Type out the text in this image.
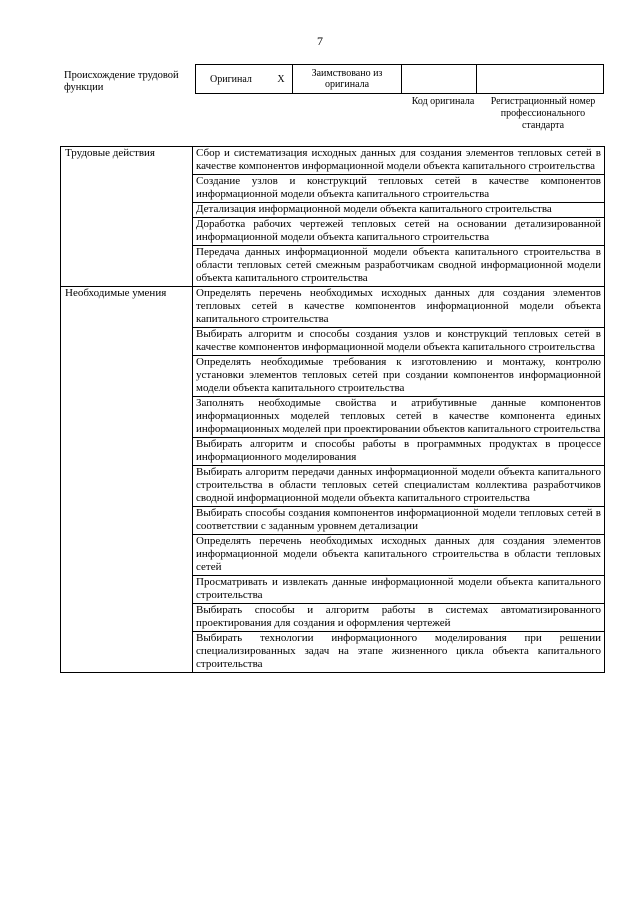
7
Происхождение трудовой функции
Оригинал	X	Заимствовано из оригинала		
Код оригинала	Регистрационный номер профессионального стандарта
Трудовые действия	Сбор и систематизация исходных данных для создания элементов тепловых сетей в качестве компонентов информационной модели объекта капитального строительства
	Создание узлов и конструкций тепловых сетей в качестве компонентов информационной модели объекта капитального строительства
	Детализация информационной модели объекта капитального строительства
	Доработка рабочих чертежей тепловых сетей на основании детализированной информационной модели объекта капитального строительства
	Передача данных информационной модели объекта капитального строительства в области тепловых сетей смежным разработчикам сводной информационной модели объекта капитального строительства
Необходимые умения	Определять перечень необходимых исходных данных для создания элементов тепловых сетей в качестве компонентов информационной модели объекта капитального строительства
	Выбирать алгоритм и способы создания узлов и конструкций тепловых сетей в качестве компонентов информационной модели объекта капитального строительства
	Определять необходимые требования к изготовлению и монтажу, контролю установки элементов тепловых сетей при создании компонентов информационной модели объекта капитального строительства
	Заполнять необходимые свойства и атрибутивные данные компонентов информационных моделей тепловых сетей в качестве компонента единых информационных моделей при проектировании объектов капитального строительства
	Выбирать алгоритм и способы работы в программных продуктах в процессе информационного моделирования
	Выбирать алгоритм передачи данных информационной модели объекта капитального строительства в области тепловых сетей специалистам коллектива разработчиков сводной информационной модели объекта капитального строительства
	Выбирать способы создания компонентов информационной модели тепловых сетей в соответствии с заданным уровнем детализации
	Определять перечень необходимых исходных данных для создания элементов информационной модели объекта капитального строительства в области тепловых сетей
	Просматривать и извлекать данные информационной модели объекта капитального строительства
	Выбирать способы и алгоритм работы в системах автоматизированного проектирования для создания и оформления чертежей
	Выбирать технологии информационного моделирования при решении специализированных задач на этапе жизненного цикла объекта капитального строительства
